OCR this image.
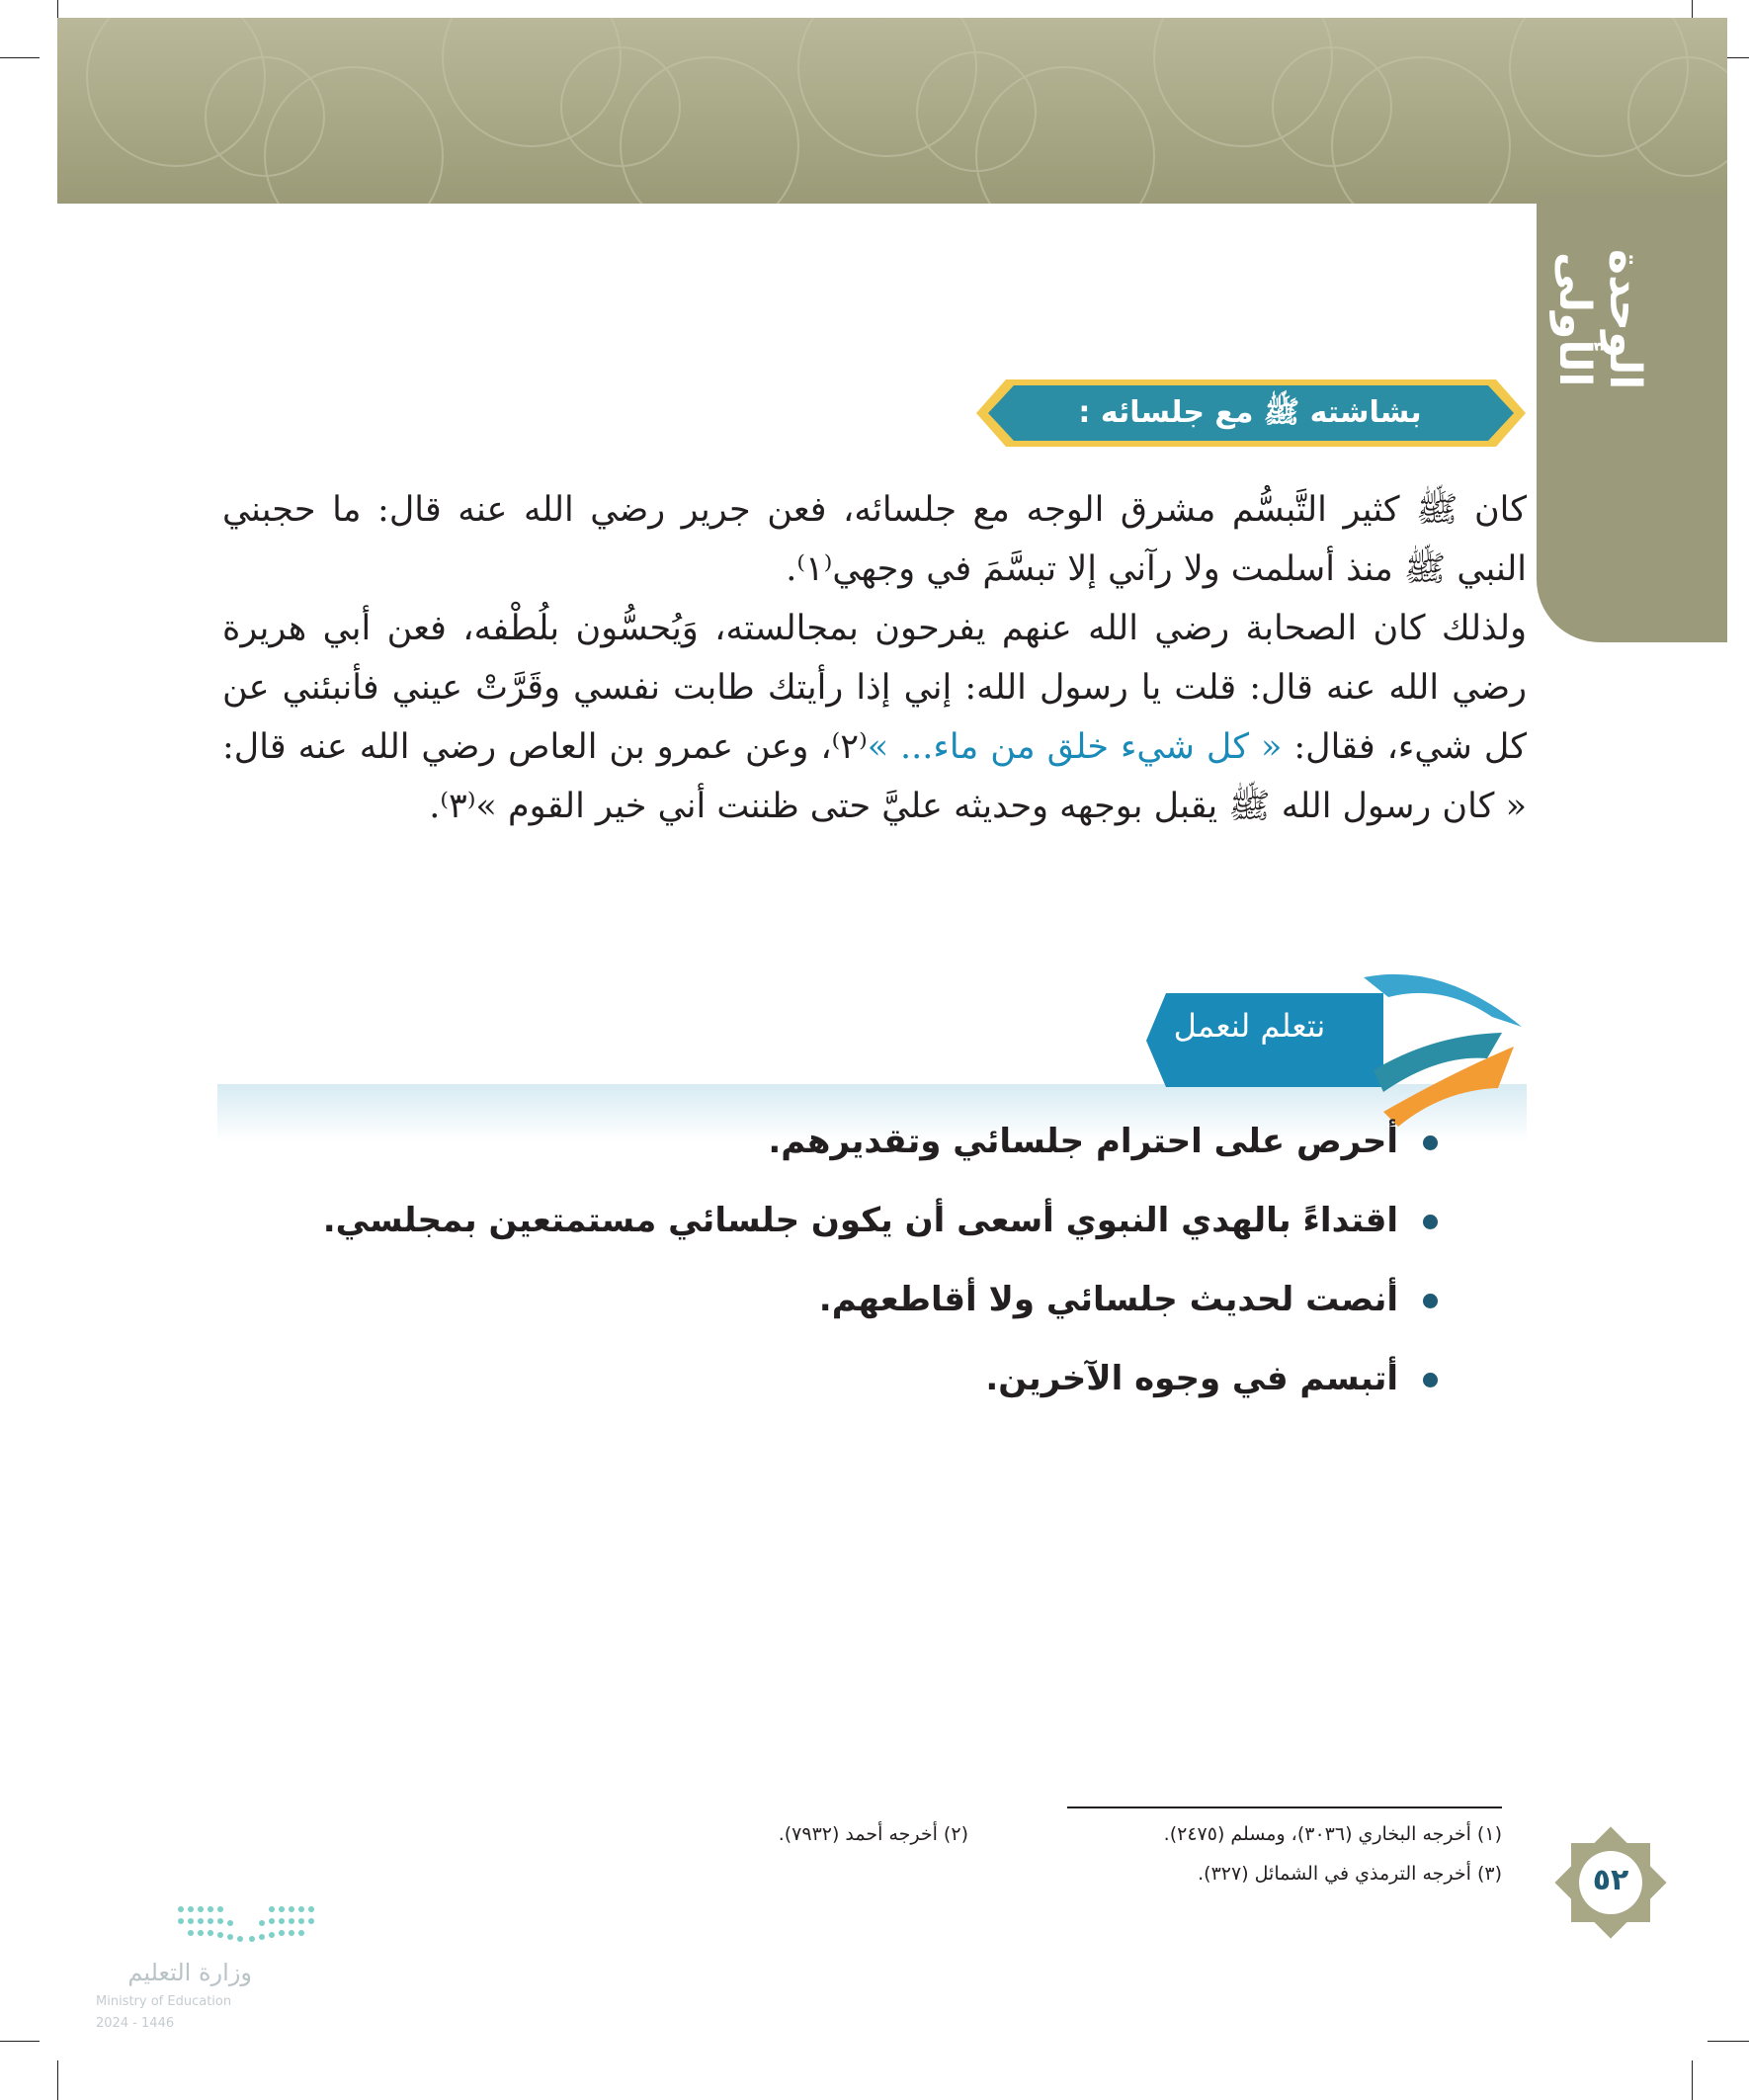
الوحدة الأولى
بشاشته ﷺ مع جلسائه :

كان ﷺ كثير التَّبسُّم مشرق الوجه مع جلسائه، فعن جرير رضي الله عنه قال: ما حجبني النبي ﷺ منذ أسلمت ولا رآني إلا تبسَّمَ في وجهي⁽١⁾.

ولذلك كان الصحابة رضي الله عنهم يفرحون بمجالسته، وَيُحسُّون بلُطْفه، فعن أبي هريرة رضي الله عنه قال: قلت يا رسول الله: إني إذا رأيتك طابت نفسي وقَرَّتْ عيني فأنبئني عن كل شيء، فقال: « كل شيء خلق من ماء... »⁽٢⁾، وعن عمرو بن العاص رضي الله عنه قال: « كان رسول الله ﷺ يقبل بوجهه وحديثه عليَّ حتى ظننت أني خير القوم »⁽٣⁾.

نتعلم لنعمل
أحرص على احترام جلسائي وتقديرهم.
اقتداءً بالهدي النبوي أسعى أن يكون جلسائي مستمتعين بمجلسي.
أنصت لحديث جلسائي ولا أقاطعهم.
أتبسم في وجوه الآخرين.
(١) أخرجه البخاري (٣٠٣٦)، ومسلم (٢٤٧٥).
(٢) أخرجه أحمد (٧٩٣٢).
(٣) أخرجه الترمذي في الشمائل (٣٢٧).	٥٢
وزارة التعليم
Ministry of Education
2024 - 1446
